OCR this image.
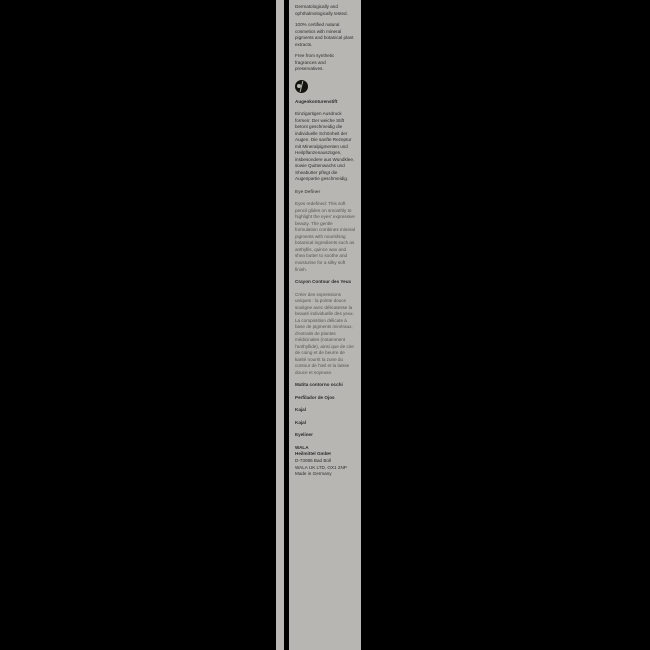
Dermatologically and ophthalmologically tested.

100% certified natural cosmetics with mineral pigments and botanical plant extracts.

Free from synthetic fragrances and preservatives.

Augenkonturenstift

Einzigartigen Ausdruck formen: Der weiche Stift betont geschmeidig die individuelle Schönheit der Augen. Die sanfte Rezeptur mit Mineralpigmenten und Heilpflanzenauszügen, insbesondere aus Wundklee, sowie Quittenwachs und Sheabutter pflegt die Augenpartie geschmeidig.

Eye Definer

Eyes redefined: This soft pencil glides on smoothly to highlight the eyes' expressive beauty. The gentle formulation combines mineral pigments with nourishing botanical ingredients such as anthyllis, quince wax and shea butter to soothe and moisturise for a silky soft finish.

Crayon Contour des Yeux

Créer des expressions uniques : la pointe douce souligne avec délicatesse la beauté individuelle des yeux. La composition délicate à base de pigments minéraux, d'extraits de plantes médicinales (notamment l'anthyllide), ainsi que de cire de coing et de beurre de karité nourrit la zone du contour de l'œil et la laisse douce et soyeuse.

Matita contorno occhi

Perfilador de Ojos

Kajal

Kajal

Eyeliner

WALA
Heilmittel GmbH
D-73085 Bad Boll
WALA UK LTD, OX1 2NP
Made in Germany
